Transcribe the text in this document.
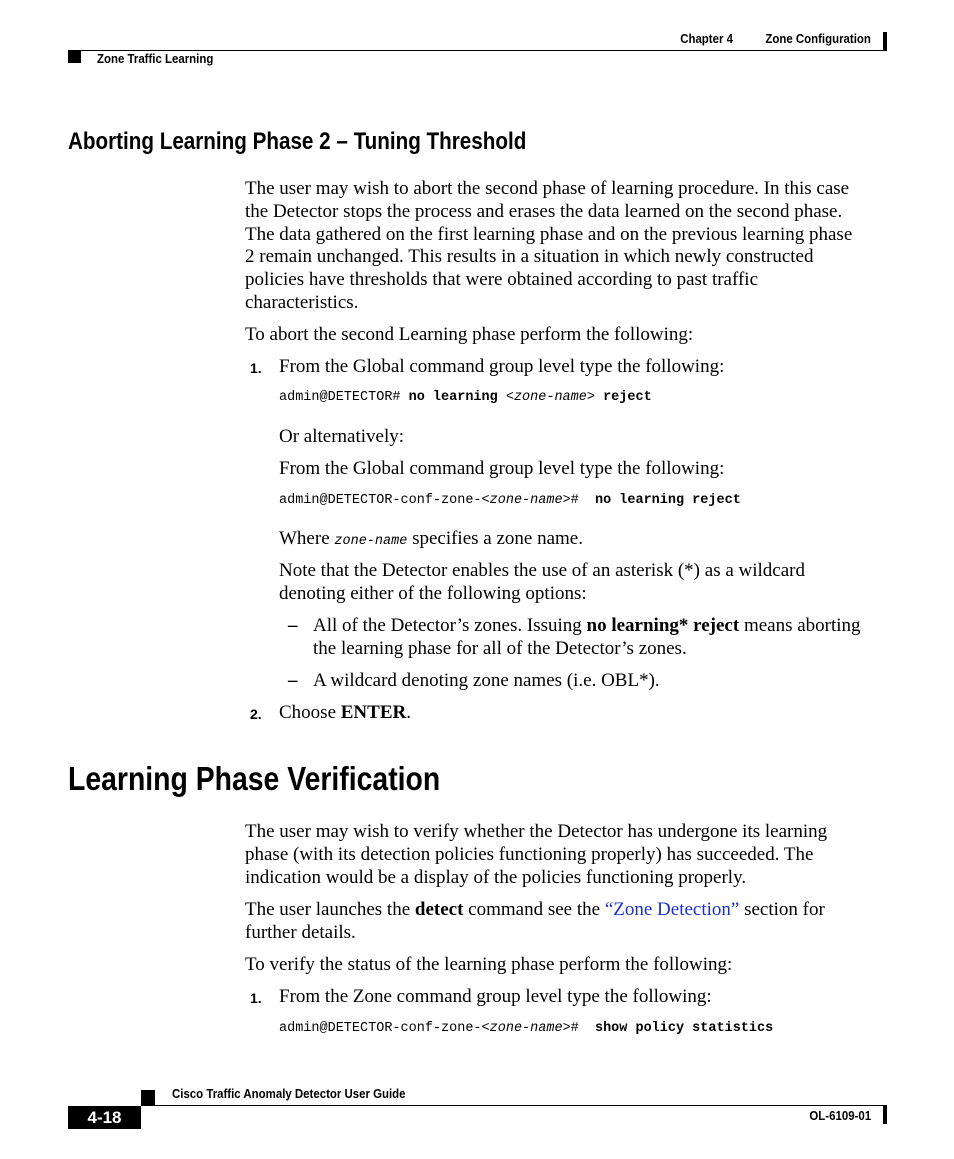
Chapter 4	Zone Configuration
Zone Traffic Learning
Aborting Learning Phase 2 – Tuning Threshold
The user may wish to abort the second phase of learning procedure. In this case
the Detector stops the process and erases the data learned on the second phase.
The data gathered on the first learning phase and on the previous learning phase
2 remain unchanged. This results in a situation in which newly constructed
policies have thresholds that were obtained according to past traffic
characteristics.
To abort the second Learning phase perform the following:
1. From the Global command group level type the following:
admin@DETECTOR# no learning <zone-name> reject
Or alternatively:
From the Global command group level type the following:
admin@DETECTOR-conf-zone-<zone-name>#  no learning reject
Where zone-name specifies a zone name.
Note that the Detector enables the use of an asterisk (*) as a wildcard
denoting either of the following options:
– All of the Detector’s zones. Issuing no learning* reject means aborting
the learning phase for all of the Detector’s zones.
– A wildcard denoting zone names (i.e. OBL*).
2. Choose ENTER.
Learning Phase Verification
The user may wish to verify whether the Detector has undergone its learning
phase (with its detection policies functioning properly) has succeeded. The
indication would be a display of the policies functioning properly.
The user launches the detect command see the “Zone Detection” section for
further details.
To verify the status of the learning phase perform the following:
1. From the Zone command group level type the following:
admin@DETECTOR-conf-zone-<zone-name>#  show policy statistics
4-18
Cisco Traffic Anomaly Detector User Guide
OL-6109-01
